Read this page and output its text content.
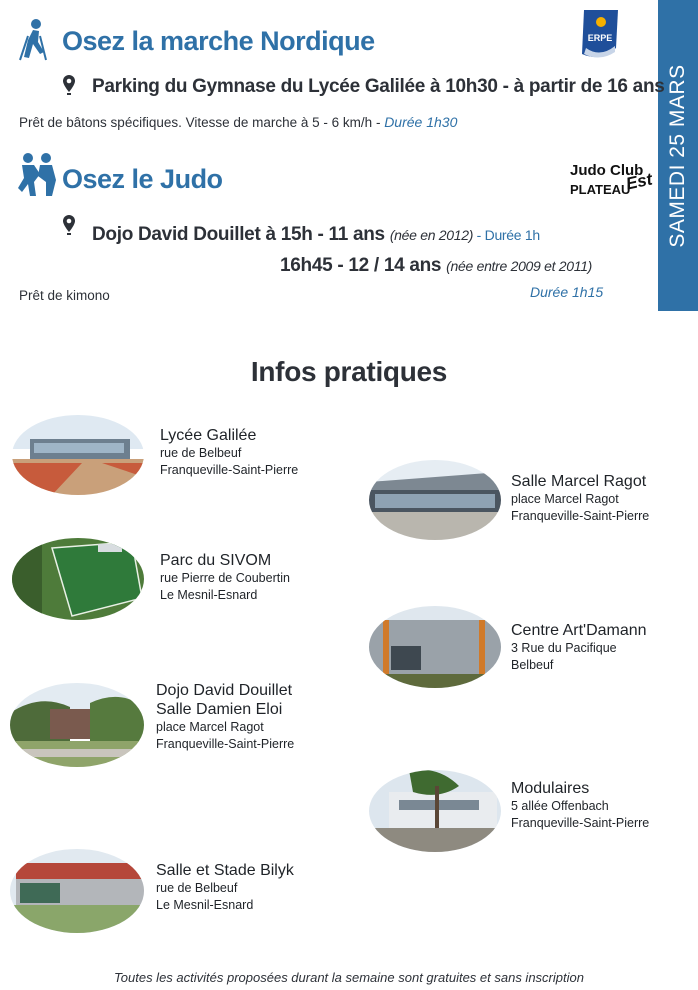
SAMEDI 25 MARS
ERPE
Judo Club
PLATEAU
Est
Osez la marche Nordique
Parking du Gymnase du Lycée Galilée à 10h30 - à partir de 16 ans
Prêt de bâtons spécifiques. Vitesse de marche à 5 - 6 km/h - Durée 1h30
Osez le Judo
Dojo David Douillet à 15h - 11 ans (née en 2012) - Durée 1h
16h45 - 12 / 14 ans (née entre 2009 et 2011)
Durée 1h15
Prêt de kimono
Infos pratiques
Lycée Galilée
rue de Belbeuf
Franqueville-Saint-Pierre
Salle Marcel Ragot
place Marcel Ragot
Franqueville-Saint-Pierre
Parc du SIVOM
rue Pierre de Coubertin
Le Mesnil-Esnard
Centre Art'Damann
3 Rue du Pacifique
Belbeuf
Dojo David Douillet
Salle Damien Eloi
place Marcel Ragot
Franqueville-Saint-Pierre
Modulaires
5 allée Offenbach
Franqueville-Saint-Pierre
Salle et Stade Bilyk
rue de Belbeuf
Le Mesnil-Esnard
Toutes les activités proposées durant la semaine sont gratuites et sans inscription
